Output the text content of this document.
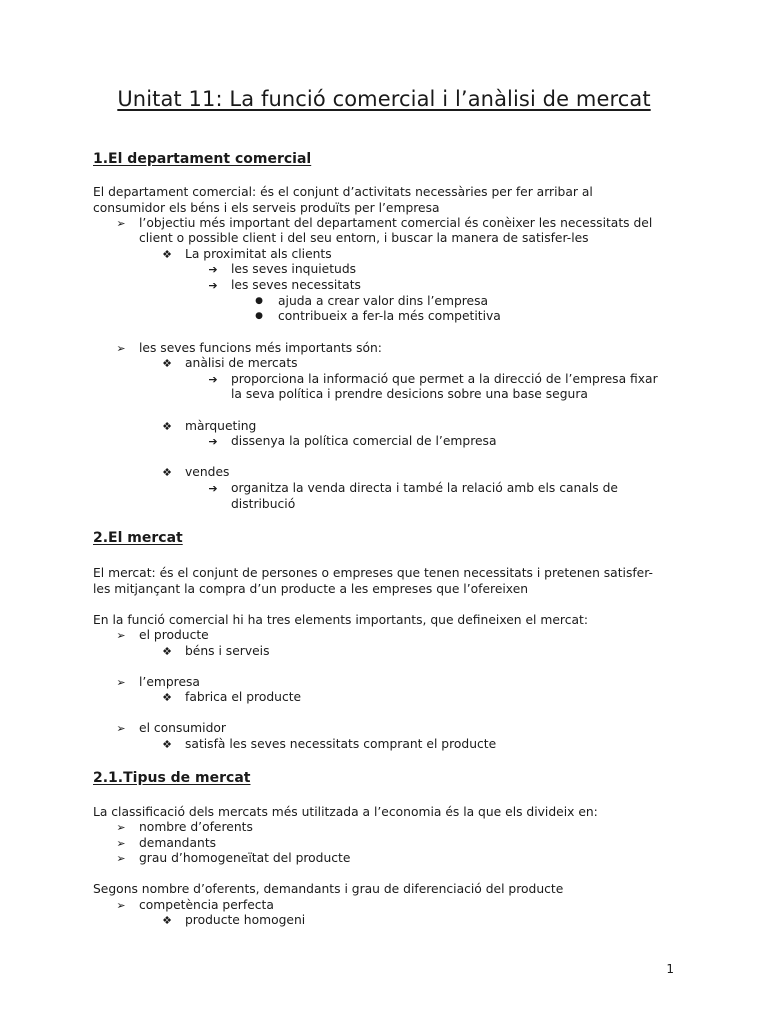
Unitat 11: La funció comercial i l’anàlisi de mercat
1.El departament comercial
El departament comercial: és el conjunt d’activitats necessàries per fer arribar al
consumidor els béns i els serveis produïts per l’empresa
➢ l’objectiu més important del departament comercial és conèixer les necessitats del
client o possible client i del seu entorn, i buscar la manera de satisfer-les
❖ La proximitat als clients
➔ les seves inquietuds
➔ les seves necessitats
● ajuda a crear valor dins l’empresa
● contribueix a fer-la més competitiva
➢ les seves funcions més importants són:
❖ anàlisi de mercats
➔ proporciona la informació que permet a la direcció de l’empresa fixar
la seva política i prendre desicions sobre una base segura
❖ màrqueting
➔ dissenya la política comercial de l’empresa
❖ vendes
➔ organitza la venda directa i també la relació amb els canals de
distribució
2.El mercat
El mercat: és el conjunt de persones o empreses que tenen necessitats i pretenen satisfer-
les mitjançant la compra d’un producte a les empreses que l’ofereixen
En la funció comercial hi ha tres elements importants, que defineixen el mercat:
➢ el producte
❖ béns i serveis
➢ l’empresa
❖ fabrica el producte
➢ el consumidor
❖ satisfà les seves necessitats comprant el producte
2.1.Tipus de mercat
La classificació dels mercats més utilitzada a l’economia és la que els divideix en:
➢ nombre d’oferents
➢ demandants
➢ grau d’homogeneïtat del producte
Segons nombre d’oferents, demandants i grau de diferenciació del producte
➢ competència perfecta
❖ producte homogeni
1
